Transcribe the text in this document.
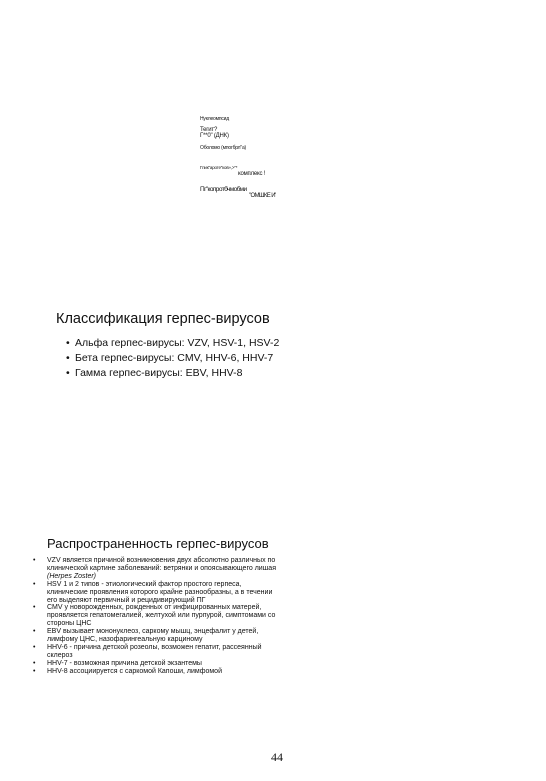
Нуклеомпсид
Тегит?
Г**0" (ДНК)
Оболомо (мпогбрл"а)
Глик"ароте"ков»,>"*
комплекс !
Пг"копротбчмобми
"ОМШКЕ И'
Классификация герпес-вирусов
• Альфа герпес-вирусы: VZV, HSV-1, HSV-2
• Бета герпес-вирусы: CMV, HHV-6, HHV-7
• Гамма герпес-вирусы: EBV, HHV-8
Распространенность герпес-вирусов
• VZV является причиной возникновения двух абсолютно различных по клинической картине заболеваний: ветрянки и опоясывающего лишая (Herpes Zoster)
• HSV 1 и 2 типов - этиологический фактор простого герпеса, клинические проявления которого крайне разнообразны, а в течении его выделяют первичный и рецидивирующий ПГ
• CMV у новорожденных, рожденных от инфицированных матерей, проявляется гепатомегалией, желтухой или пурпурой, симптомами со стороны ЦНС
• EBV вызывает мононуклеоз, саркому мышц, энцефалит у детей, лимфому ЦНС, назофарингеальную карциному
• HHV-6 - причина детской розеолы, возможен гепатит, рассеянный склероз
• HHV-7 - возможная причина детской экзантемы
• HHV-8 ассоциируется с саркомой Капоши, лимфомой
44
